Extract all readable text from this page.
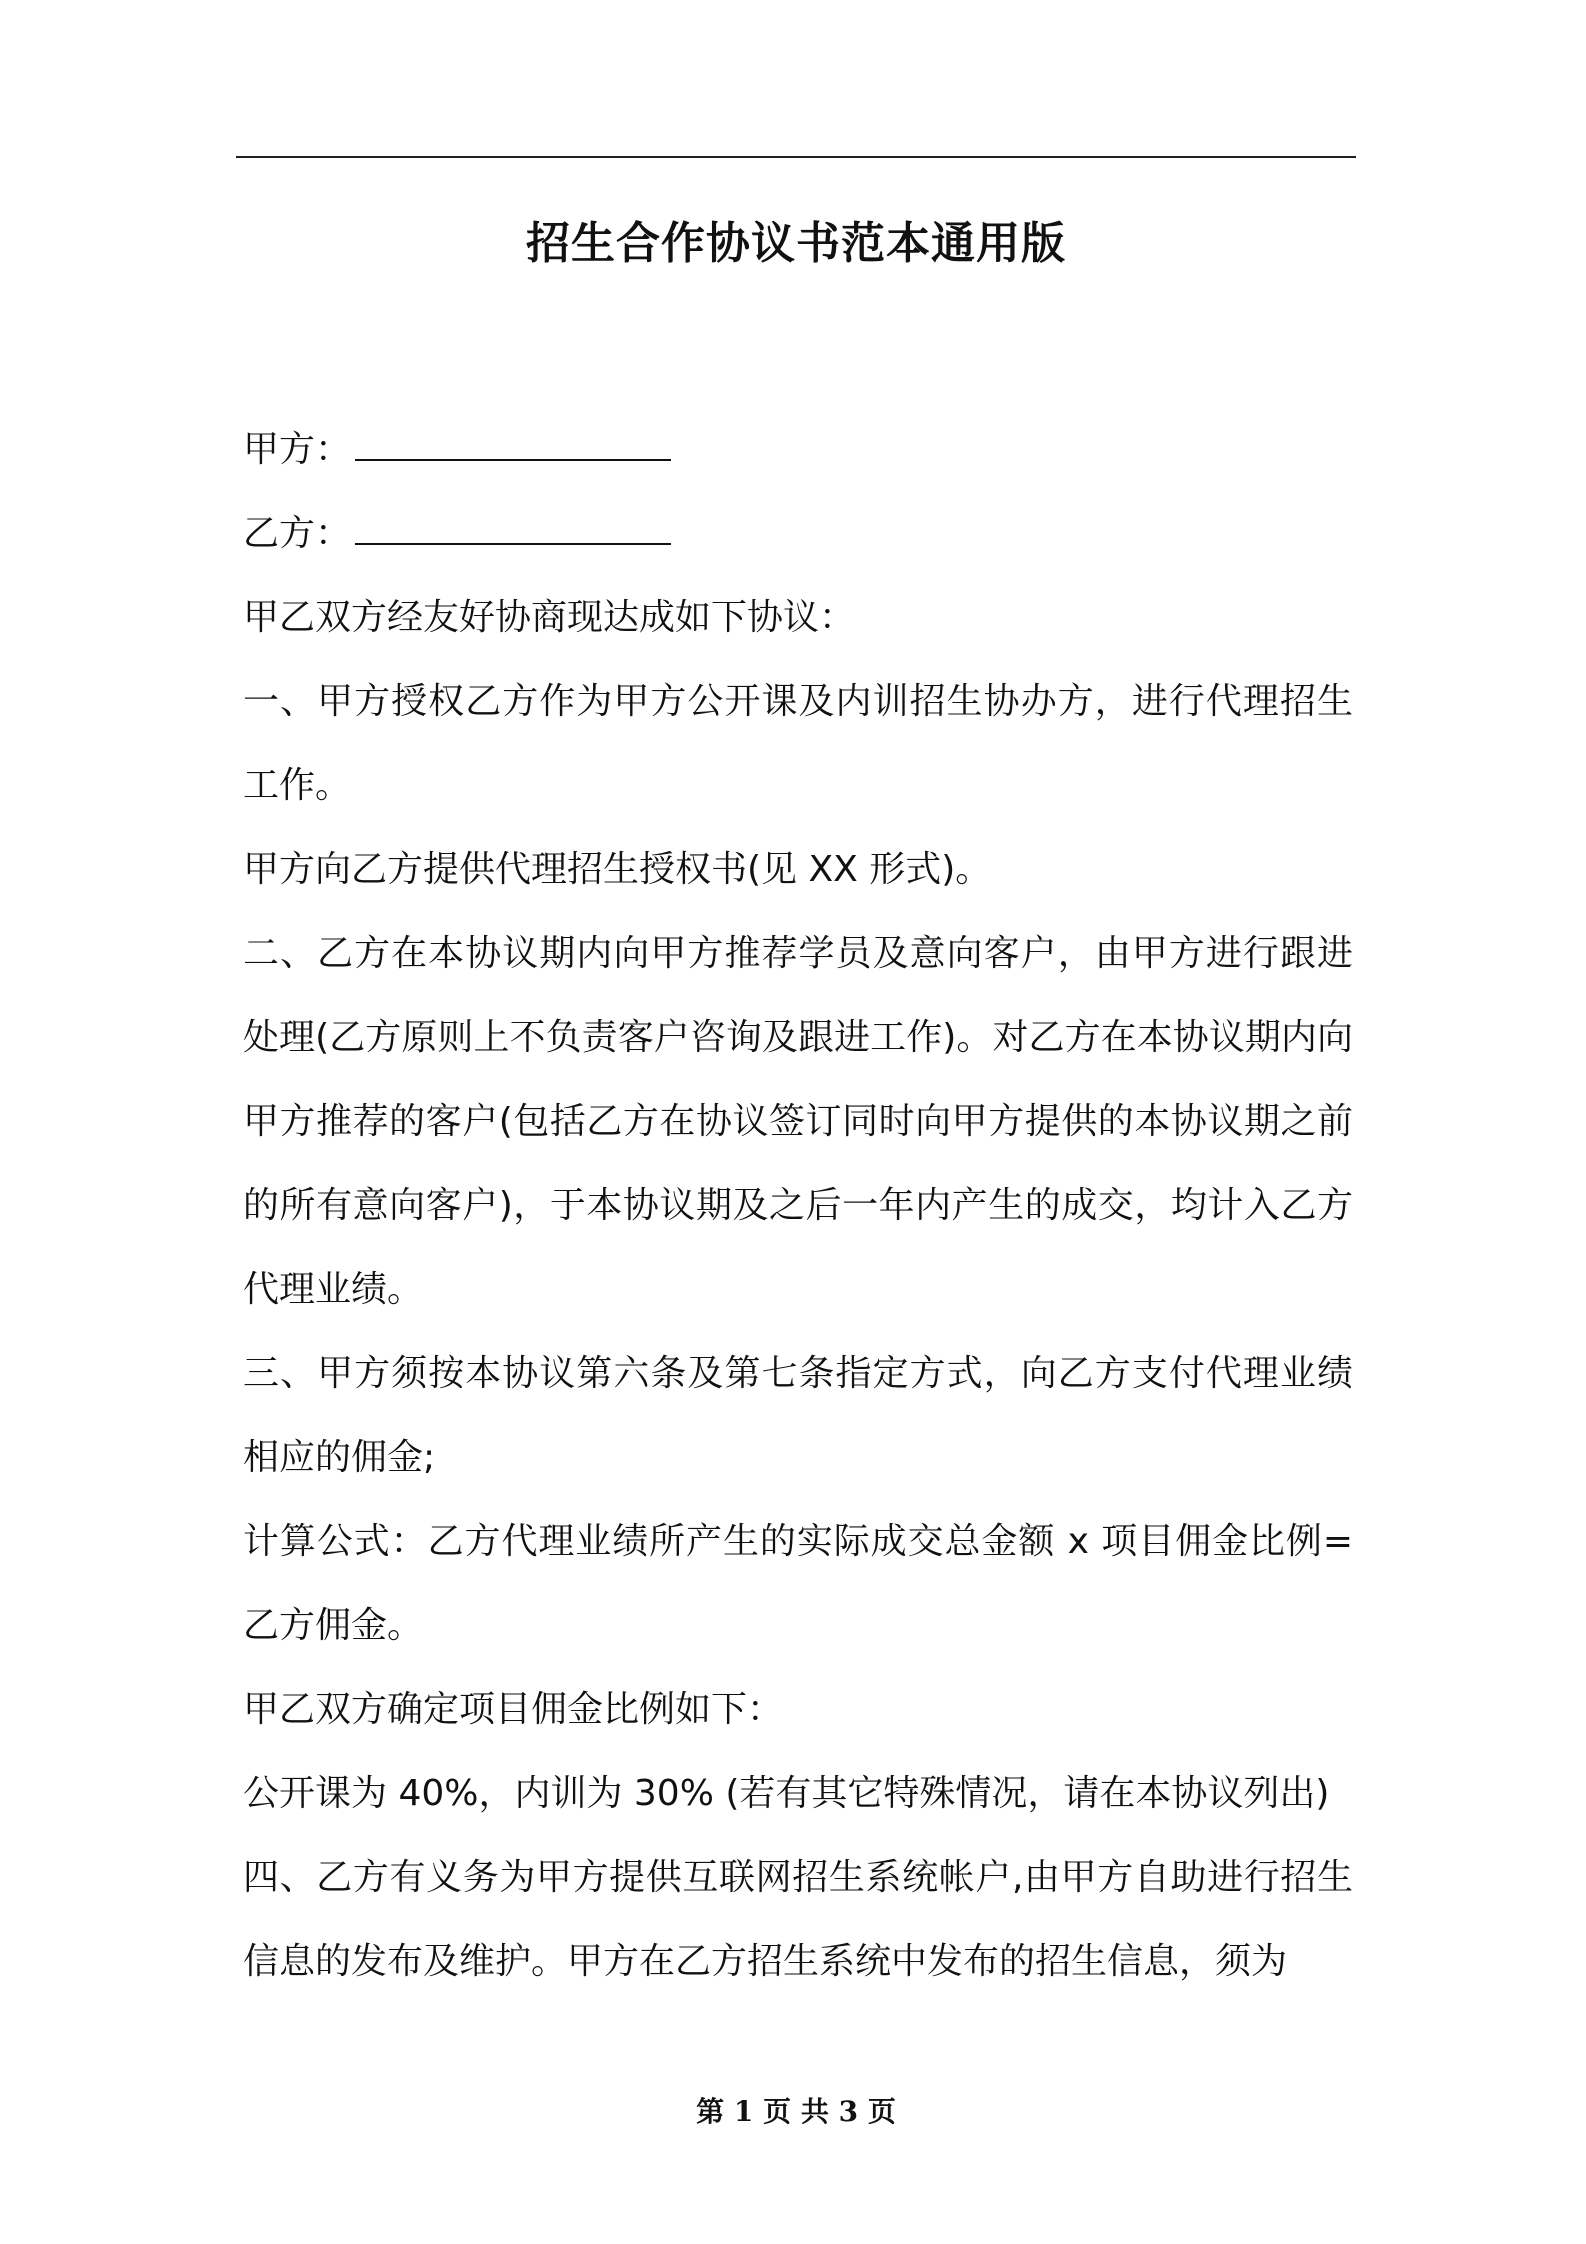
招生合作协议书范本通用版

甲方：

乙方：

甲乙双方经友好协商现达成如下协议：

一、甲方授权乙方作为甲方公开课及内训招生协办方，进行代理招生工作。

甲方向乙方提供代理招生授权书(见 XX 形式)。

二、乙方在本协议期内向甲方推荐学员及意向客户，由甲方进行跟进处理(乙方原则上不负责客户咨询及跟进工作)。对乙方在本协议期内向甲方推荐的客户(包括乙方在协议签订同时向甲方提供的本协议期之前的所有意向客户)，于本协议期及之后一年内产生的成交，均计入乙方代理业绩。

三、甲方须按本协议第六条及第七条指定方式，向乙方支付代理业绩相应的佣金;

计算公式：乙方代理业绩所产生的实际成交总金额 x 项目佣金比例=乙方佣金。

甲乙双方确定项目佣金比例如下：

公开课为 40%，内训为 30% (若有其它特殊情况，请在本协议列出)

四、乙方有义务为甲方提供互联网招生系统帐户,由甲方自助进行招生信息的发布及维护。甲方在乙方招生系统中发布的招生信息，须为

第 1 页 共 3 页
